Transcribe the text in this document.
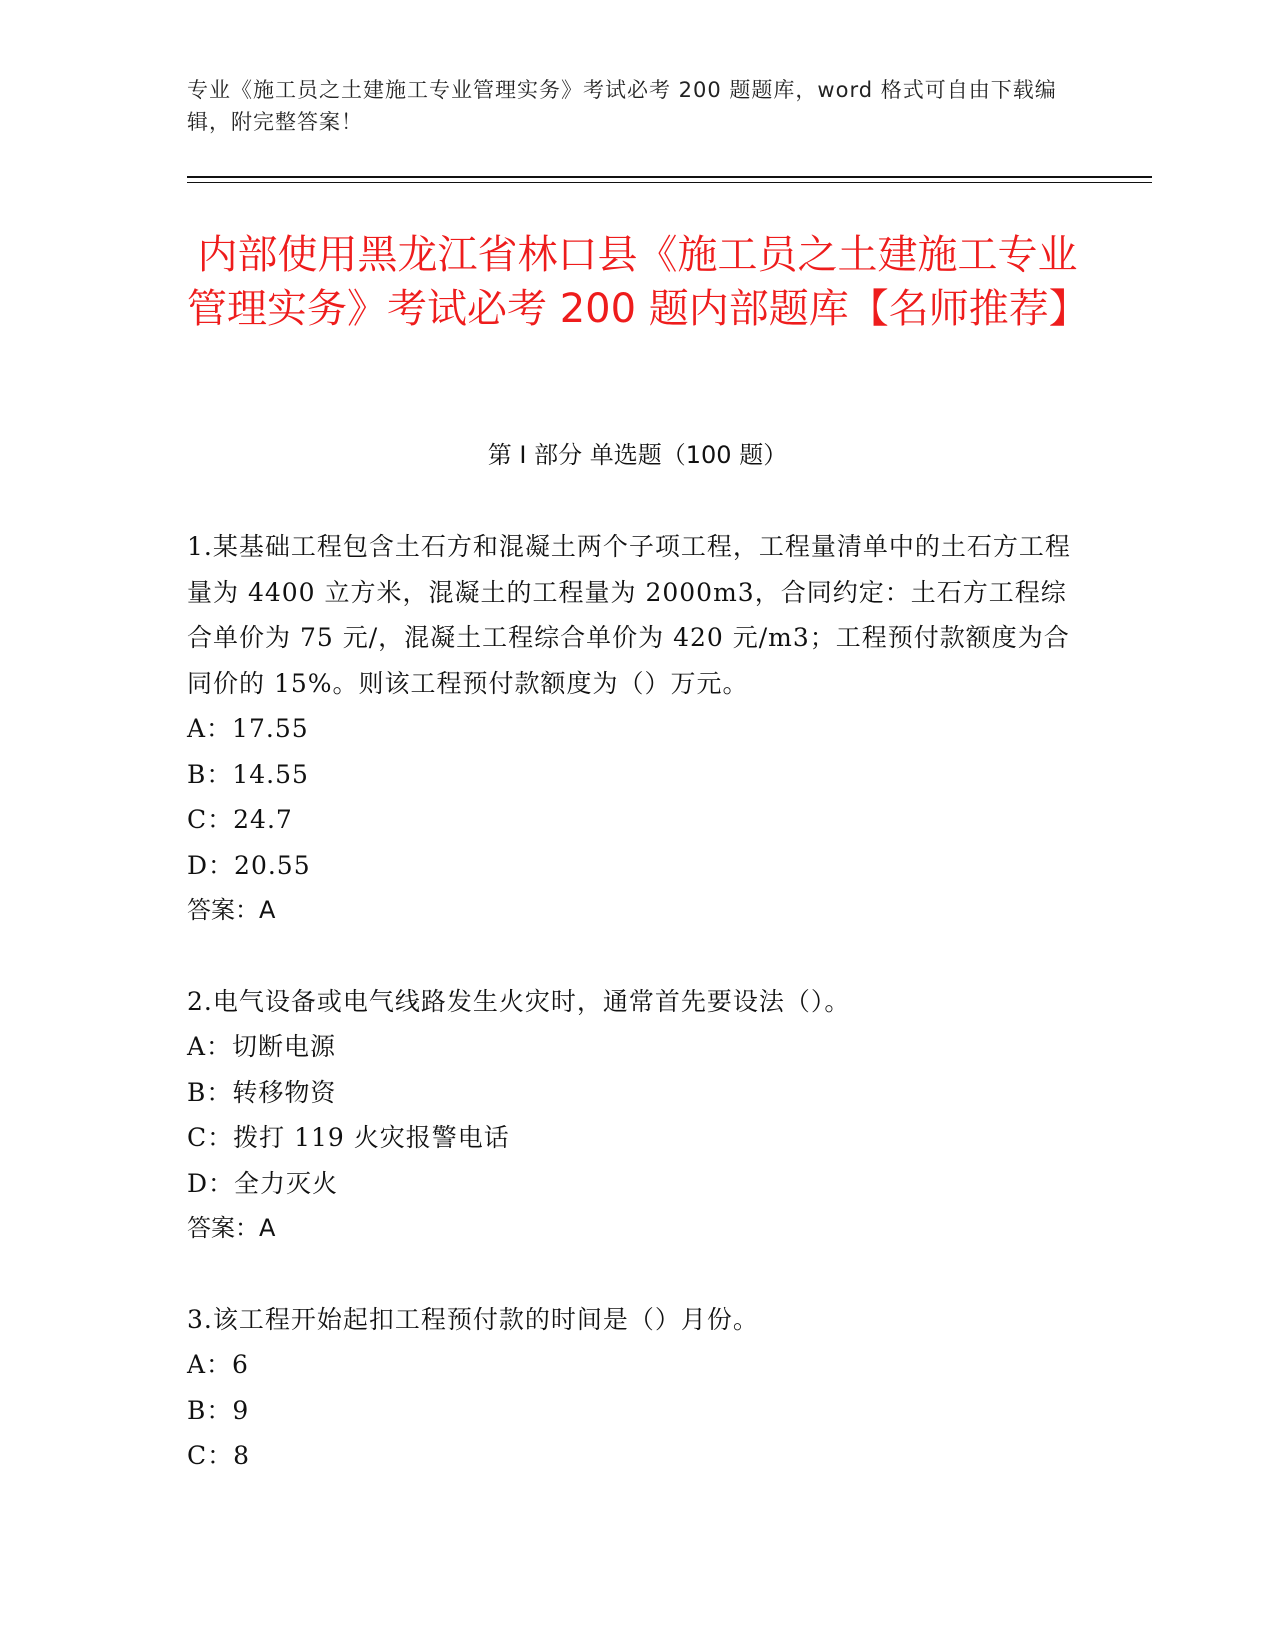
专业《施工员之土建施工专业管理实务》考试必考 200 题题库，word 格式可自由下载编辑，附完整答案！
内部使用黑龙江省林口县《施工员之土建施工专业管理实务》考试必考 200 题内部题库【名师推荐】
第 I 部分 单选题（100 题）
1.某基础工程包含土石方和混凝土两个子项工程，工程量清单中的土石方工程量为 4400 立方米，混凝土的工程量为 2000m3，合同约定：土石方工程综合单价为 75 元/，混凝土工程综合单价为 420 元/m3；工程预付款额度为合同价的 15%。则该工程预付款额度为（）万元。
A：17.55
B：14.55
C：24.7
D：20.55
答案：A
2.电气设备或电气线路发生火灾时，通常首先要设法（）。
A：切断电源
B：转移物资
C：拨打 119 火灾报警电话
D：全力灭火
答案：A
3.该工程开始起扣工程预付款的时间是（）月份。
A：6
B：9
C：8
